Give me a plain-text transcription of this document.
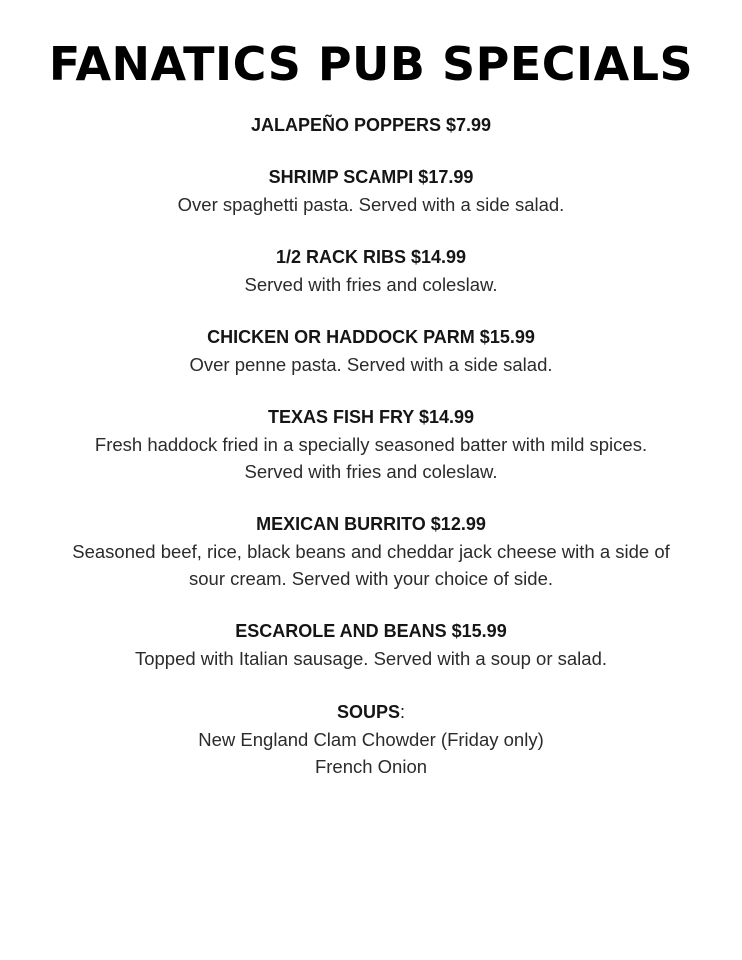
FANATICS PUB SPECIALS
JALAPEÑO POPPERS $7.99
SHRIMP SCAMPI $17.99
Over spaghetti pasta. Served with a side salad.
1/2 RACK RIBS $14.99
Served with fries and coleslaw.
CHICKEN OR HADDOCK PARM $15.99
Over penne pasta. Served with a side salad.
TEXAS FISH FRY $14.99
Fresh haddock fried in a specially seasoned batter with mild spices.
Served with fries and coleslaw.
MEXICAN BURRITO $12.99
Seasoned beef, rice, black beans and cheddar jack cheese with a side of
sour cream. Served with your choice of side.
ESCAROLE AND BEANS $15.99
Topped with Italian sausage. Served with a soup or salad.
SOUPS:
New England Clam Chowder (Friday only)
French Onion
